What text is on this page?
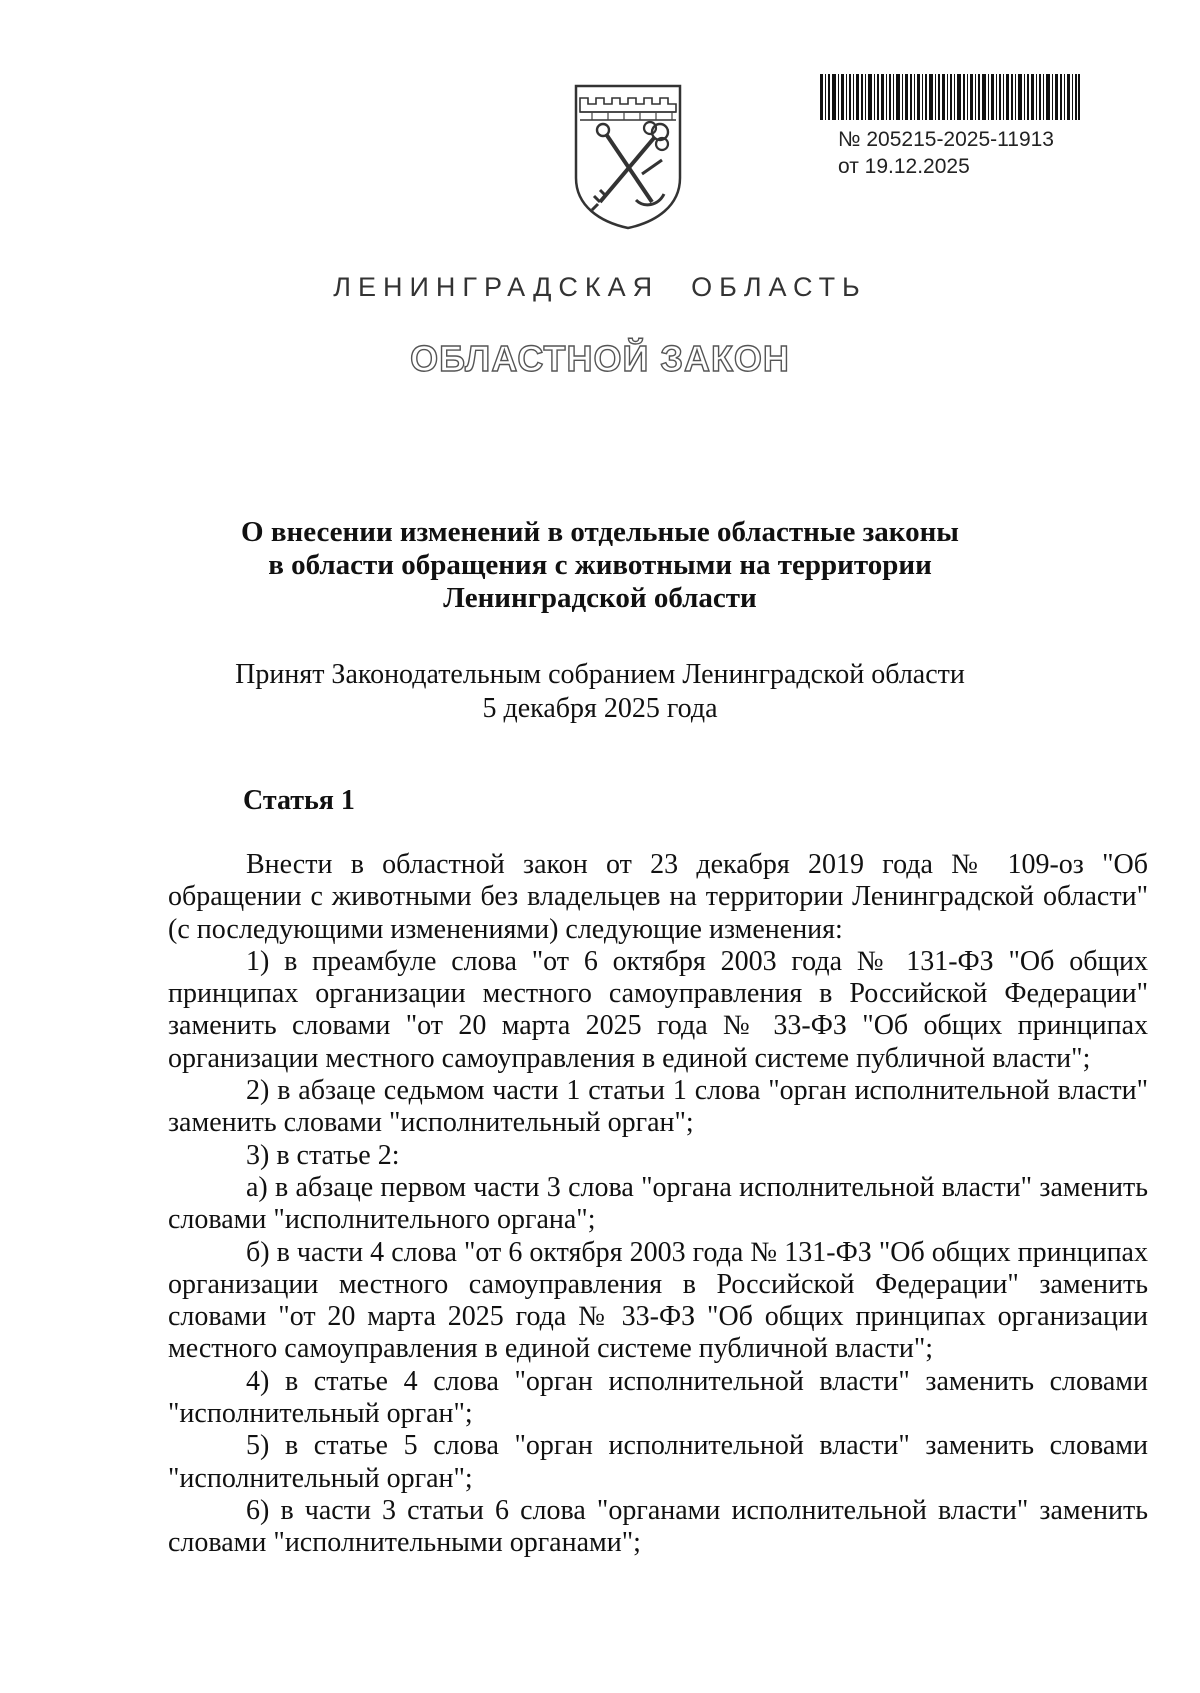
№ 205215-2025-11913
от 19.12.2025
ЛЕНИНГРАДСКАЯ ОБЛАСТЬ
ОБЛАСТНОЙ ЗАКОН
О внесении изменений в отдельные областные законы
в области обращения с животными на территории
Ленинградской области
Принят Законодательным собранием Ленинградской области
5 декабря 2025 года
Статья 1

Внести в областной закон от 23 декабря 2019 года № 109-оз "Об обращении с животными без владельцев на территории Ленинградской области" (с последующими изменениями) следующие изменения:

1) в преамбуле слова "от 6 октября 2003 года № 131-ФЗ "Об общих принципах организации местного самоуправления в Российской Федерации" заменить словами "от 20 марта 2025 года № 33-ФЗ "Об общих принципах организации местного самоуправления в единой системе публичной власти";

2) в абзаце седьмом части 1 статьи 1 слова "орган исполнительной власти" заменить словами "исполнительный орган";

3) в статье 2:

а) в абзаце первом части 3 слова "органа исполнительной власти" заменить словами "исполнительного органа";

б) в части 4 слова "от 6 октября 2003 года № 131-ФЗ "Об общих принципах организации местного самоуправления в Российской Федерации" заменить словами "от 20 марта 2025 года № 33-ФЗ "Об общих принципах организации местного самоуправления в единой системе публичной власти";

4) в статье 4 слова "орган исполнительной власти" заменить словами "исполнительный орган";

5) в статье 5 слова "орган исполнительной власти" заменить словами "исполнительный орган";

6) в части 3 статьи 6 слова "органами исполнительной власти" заменить словами "исполнительными органами";
